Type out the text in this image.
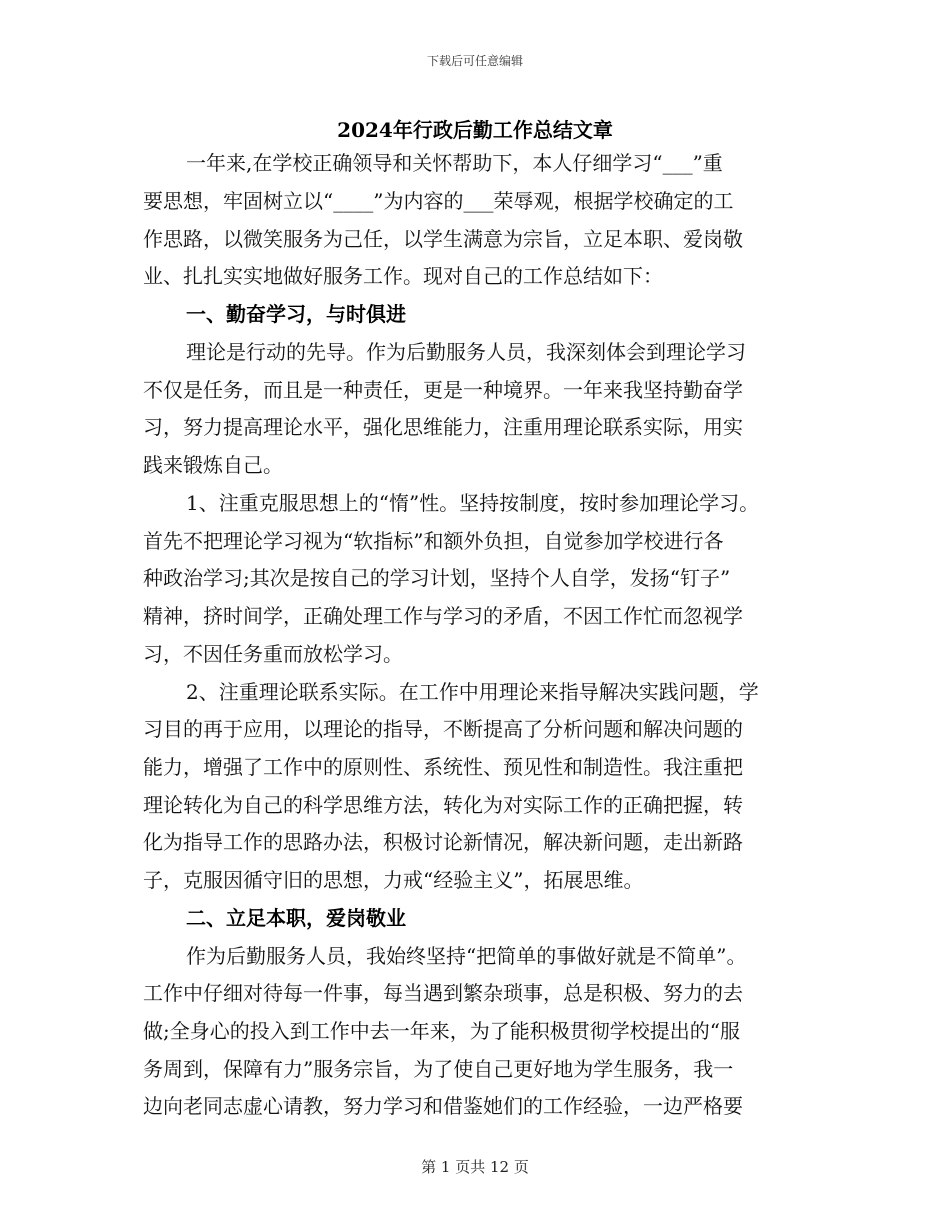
下载后可任意编辑
2024年行政后勤工作总结文章
一年来,在学校正确领导和关怀帮助下，本人仔细学习“___”重
要思想，牢固树立以“____”为内容的___荣辱观，根据学校确定的工
作思路，以微笑服务为己任，以学生满意为宗旨，立足本职、爱岗敬
业、扎扎实实地做好服务工作。现对自己的工作总结如下：
一、勤奋学习，与时俱进
理论是行动的先导。作为后勤服务人员，我深刻体会到理论学习
不仅是任务，而且是一种责任，更是一种境界。一年来我坚持勤奋学
习，努力提高理论水平，强化思维能力，注重用理论联系实际，用实
践来锻炼自己。
1、注重克服思想上的“惰”性。坚持按制度，按时参加理论学习。
首先不把理论学习视为“软指标”和额外负担，自觉参加学校进行各
种政治学习;其次是按自己的学习计划，坚持个人自学，发扬“钉子”
精神，挤时间学，正确处理工作与学习的矛盾，不因工作忙而忽视学
习，不因任务重而放松学习。
2、注重理论联系实际。在工作中用理论来指导解决实践问题，学
习目的再于应用，以理论的指导，不断提高了分析问题和解决问题的
能力，增强了工作中的原则性、系统性、预见性和制造性。我注重把
理论转化为自己的科学思维方法，转化为对实际工作的正确把握，转
化为指导工作的思路办法，积极讨论新情况，解决新问题，走出新路
子，克服因循守旧的思想，力戒“经验主义”，拓展思维。
二、立足本职，爱岗敬业
作为后勤服务人员，我始终坚持“把简单的事做好就是不简单”。
工作中仔细对待每一件事，每当遇到繁杂琐事，总是积极、努力的去
做;全身心的投入到工作中去一年来，为了能积极贯彻学校提出的“服
务周到，保障有力”服务宗旨，为了使自己更好地为学生服务，我一
边向老同志虚心请教，努力学习和借鉴她们的工作经验，一边严格要
第 1 页共 12 页
